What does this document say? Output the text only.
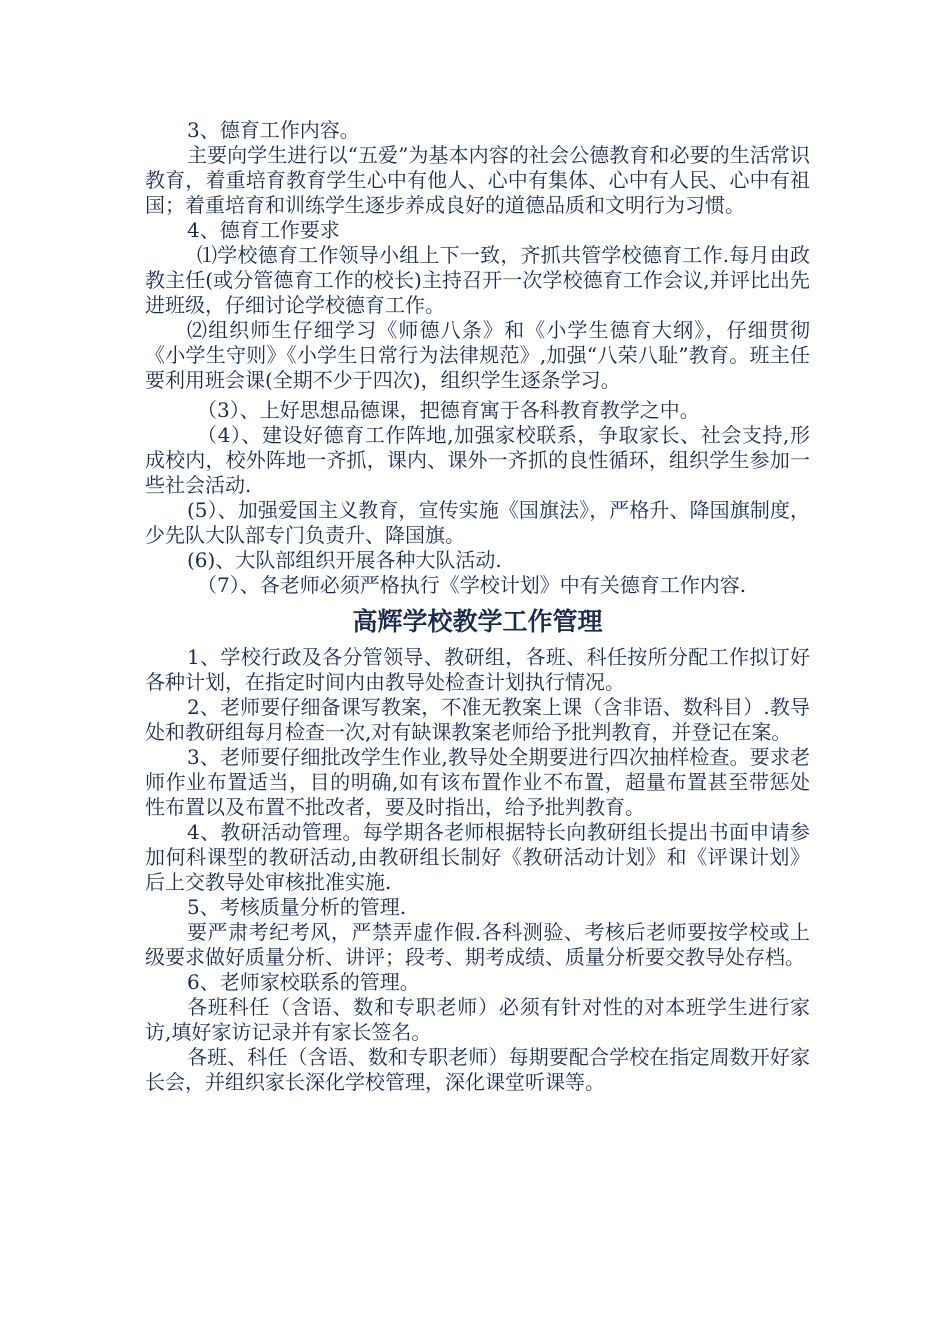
3、德育工作内容。

主要向学生进行以“五爱”为基本内容的社会公德教育和必要的生活常识教育，着重培育教育学生心中有他人、心中有集体、心中有人民、心中有祖国；着重培育和训练学生逐步养成良好的道德品质和文明行为习惯。

4、德育工作要求

⑴学校德育工作领导小组上下一致，齐抓共管学校德育工作.每月由政教主任(或分管德育工作的校长)主持召开一次学校德育工作会议,并评比出先进班级，仔细讨论学校德育工作。

⑵组织师生仔细学习《师德八条》和《小学生德育大纲》，仔细贯彻《小学生守则》《小学生日常行为法律规范》,加强“八荣八耻”教育。班主任要利用班会课(全期不少于四次)，组织学生逐条学习。

（3）、上好思想品德课，把德育寓于各科教育教学之中。

（4）、建设好德育工作阵地,加强家校联系，争取家长、社会支持,形成校内，校外阵地一齐抓，课内、课外一齐抓的良性循环，组织学生参加一些社会活动.

(5）、加强爱国主义教育，宣传实施《国旗法》，严格升、降国旗制度，少先队大队部专门负责升、降国旗。

(6)、大队部组织开展各种大队活动.

（7）、各老师必须严格执行《学校计划》中有关德育工作内容.

高辉学校教学工作管理

1、学校行政及各分管领导、教研组，各班、科任按所分配工作拟订好各种计划，在指定时间内由教导处检查计划执行情况。

2、老师要仔细备课写教案，不准无教案上课（含非语、数科目）.教导处和教研组每月检查一次,对有缺课教案老师给予批判教育，并登记在案。

3、老师要仔细批改学生作业,教导处全期要进行四次抽样检查。要求老师作业布置适当，目的明确,如有该布置作业不布置，超量布置甚至带惩处性布置以及布置不批改者，要及时指出，给予批判教育。

4、教研活动管理。每学期各老师根据特长向教研组长提出书面申请参加何科课型的教研活动,由教研组长制好《教研活动计划》和《评课计划》后上交教导处审核批准实施.

5、考核质量分析的管理.

要严肃考纪考风，严禁弄虚作假.各科测验、考核后老师要按学校或上级要求做好质量分析、讲评；段考、期考成绩、质量分析要交教导处存档。

6、老师家校联系的管理。

各班科任（含语、数和专职老师）必须有针对性的对本班学生进行家访,填好家访记录并有家长签名。

各班、科任（含语、数和专职老师）每期要配合学校在指定周数开好家长会，并组织家长深化学校管理，深化课堂听课等。
